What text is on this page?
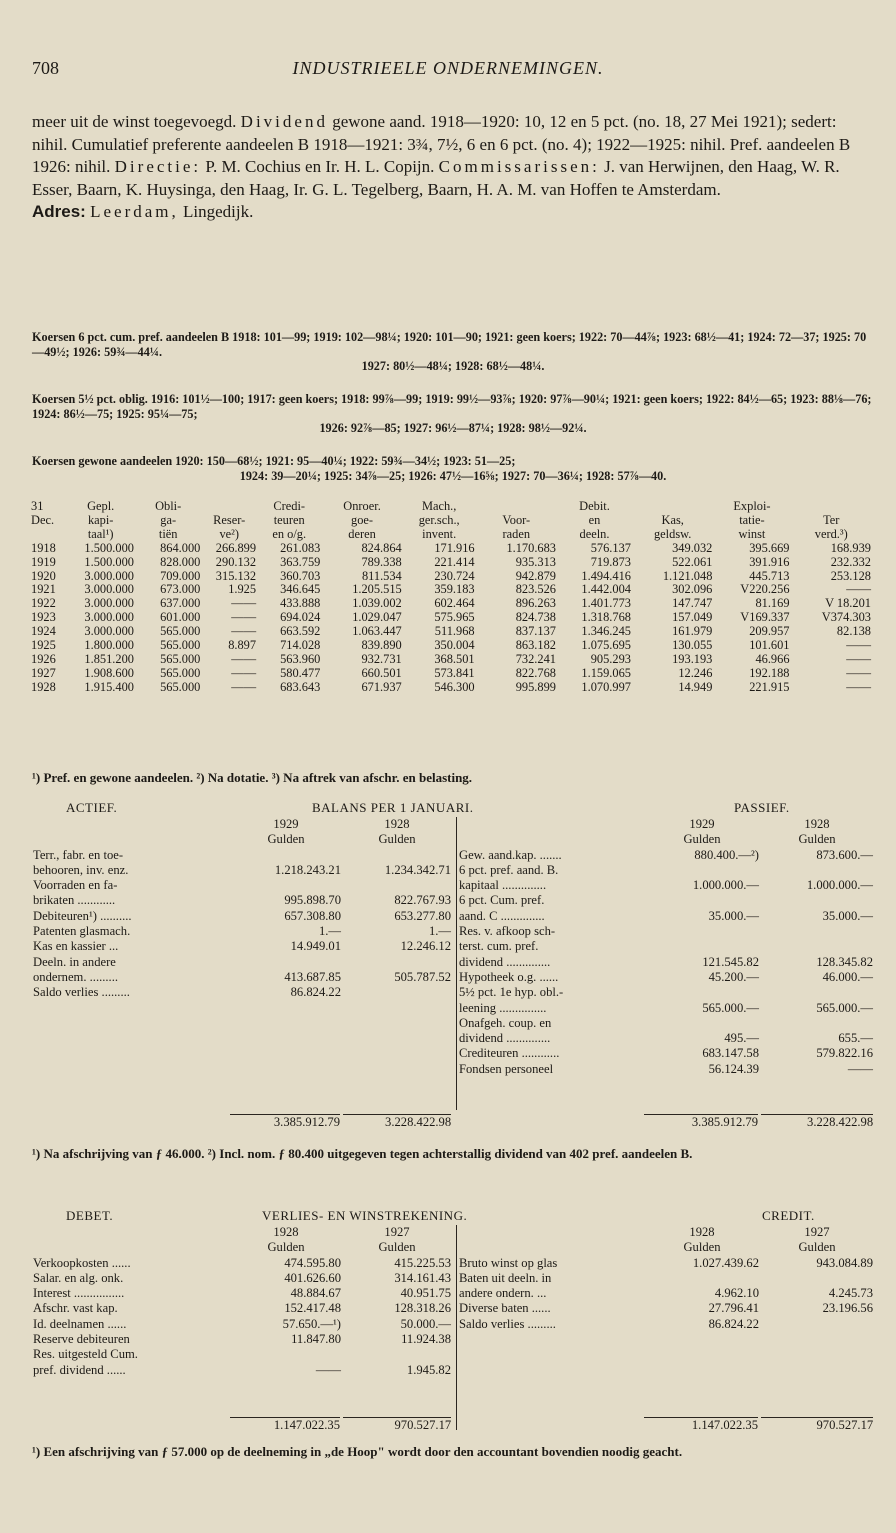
708	INDUSTRIEELE ONDERNEMINGEN.

meer uit de winst toegevoegd. Dividend gewone aand. 1918—1920: 10, 12 en 5 pct. (no. 18, 27 Mei 1921); sedert: nihil. Cumulatief preferente aandeelen B 1918—1921: 3¾, 7½, 6 en 6 pct. (no. 4); 1922—1925: nihil. Pref. aandeelen B 1926: nihil. Directie: P. M. Cochius en Ir. H. L. Copijn. Commissarissen: J. van Herwijnen, den Haag, W. R. Esser, Baarn, K. Huysinga, den Haag, Ir. G. L. Tegelberg, Baarn, H. A. M. van Hoffen te Amsterdam.
Adres: Leerdam, Lingedijk.

Koersen 6 pct. cum. pref. aandeelen B 1918: 101—99; 1919: 102—98¼; 1920: 101—90; 1921: geen koers; 1922: 70—44⅞; 1923: 68½—41; 1924: 72—37; 1925: 70—49½; 1926: 59¾—44¼.
1927: 80½—48¼; 1928: 68½—48¼.

Koersen 5½ pct. oblig. 1916: 101½—100; 1917: geen koers; 1918: 99⅞—99; 1919: 99½—93⅞; 1920: 97⅞—90¼; 1921: geen koers; 1922: 84½—65; 1923: 88⅛—76; 1924: 86½—75; 1925: 95¼—75;
1926: 92⅞—85; 1927: 96½—87¼; 1928: 98½—92¼.

Koersen gewone aandeelen 1920: 150—68½; 1921: 95—40¼; 1922: 59¾—34½; 1923: 51—25;
1924: 39—20¼; 1925: 34⅞—25; 1926: 47½—16⅝; 1927: 70—36¼; 1928: 57⅞—40.

31	Gepl.	Obli-		Credi-	Onroer.	Mach.,		Debit.		Exploi-	
Dec.	kapi-	ga-	Reser-	teuren	goe-	ger.sch.,	Voor-	en	Kas,	tatie-	Ter
	taal¹)	tiën	ve²)	en o/g.	deren	invent.	raden	deeln.	geldsw.	winst	verd.³)
1918	1.500.000	864.000	266.899	261.083	824.864	171.916	1.170.683	576.137	349.032	395.669	168.939
1919	1.500.000	828.000	290.132	363.759	789.338	221.414	935.313	719.873	522.061	391.916	232.332
1920	3.000.000	709.000	315.132	360.703	811.534	230.724	942.879	1.494.416	1.121.048	445.713	253.128
1921	3.000.000	673.000	1.925	346.645	1.205.515	359.183	823.526	1.442.004	302.096	V220.256	——
1922	3.000.000	637.000	——	433.888	1.039.002	602.464	896.263	1.401.773	147.747	81.169	V 18.201
1923	3.000.000	601.000	——	694.024	1.029.047	575.965	824.738	1.318.768	157.049	V169.337	V374.303
1924	3.000.000	565.000	——	663.592	1.063.447	511.968	837.137	1.346.245	161.979	209.957	82.138
1925	1.800.000	565.000	8.897	714.028	839.890	350.004	863.182	1.075.695	130.055	101.601	——
1926	1.851.200	565.000	——	563.960	932.731	368.501	732.241	905.293	193.193	46.966	——
1927	1.908.600	565.000	——	580.477	660.501	573.841	822.768	1.159.065	12.246	192.188	——
1928	1.915.400	565.000	——	683.643	671.937	546.300	995.899	1.070.997	14.949	221.915	——

¹) Pref. en gewone aandeelen. ²) Na dotatie. ³) Na aftrek van afschr. en belasting.

ACTIEF.	BALANS PER 1 JANUARI.	PASSIEF.
	1929	1928
	Gulden	Gulden
Terr., fabr. en toe-		
behooren, inv. enz.	1.218.243.21	1.234.342.71
Voorraden en fa-		
brikaten ............	995.898.70	822.767.93
Debiteuren¹) ..........	657.308.80	653.277.80
Patenten glasmach.	1.—	1.—
Kas en kassier ...	14.949.01	12.246.12
Deeln. in andere		
ondernem. .........	413.687.85	505.787.52
Saldo verlies .........	86.824.22	
	1929	1928
	Gulden	Gulden

Gew. aand.kap. .......	880.400.—²)	873.600.—
6 pct. pref. aand. B.		
kapitaal ..............	1.000.000.—	1.000.000.—
6 pct. Cum. pref.		
aand. C ..............	35.000.—	35.000.—
Res. v. afkoop sch-		
terst. cum. pref.		
dividend ..............	121.545.82	128.345.82
Hypotheek o.g. ......	45.200.—	46.000.—
5½ pct. 1e hyp. obl.-		
leening ...............	565.000.—	565.000.—
Onafgeh. coup. en		
dividend ..............	495.—	655.—
Crediteuren ............	683.147.58	579.822.16
Fondsen personeel	56.124.39	——
3.385.912.79	3.228.422.98	3.385.912.79	3.228.422.98

¹) Na afschrijving van ƒ 46.000. ²) Incl. nom. ƒ 80.400 uitgegeven tegen achterstallig dividend van 402 pref. aandeelen B.

DEBET.	VERLIES- EN WINSTREKENING.	CREDIT.
	1928	1927
	Gulden	Gulden
Verkoopkosten ......	474.595.80	415.225.53
Salar. en alg. onk.	401.626.60	314.161.43
Interest ................	48.884.67	40.951.75
Afschr. vast kap.	152.417.48	128.318.26
Id. deelnamen ......	57.650.—¹)	50.000.—
Reserve debiteuren	11.847.80	11.924.38
Res. uitgesteld Cum.		
pref. dividend ......	——	1.945.82
	1928	1927
	Gulden	Gulden

Bruto winst op glas	1.027.439.62	943.084.89
Baten uit deeln. in		
andere ondern. ...	4.962.10	4.245.73
Diverse baten ......	27.796.41	23.196.56
Saldo verlies .........	86.824.22	
1.147.022.35	970.527.17	1.147.022.35	970.527.17

¹) Een afschrijving van ƒ 57.000 op de deelneming in „de Hoop" wordt door den accountant bovendien noodig geacht.
